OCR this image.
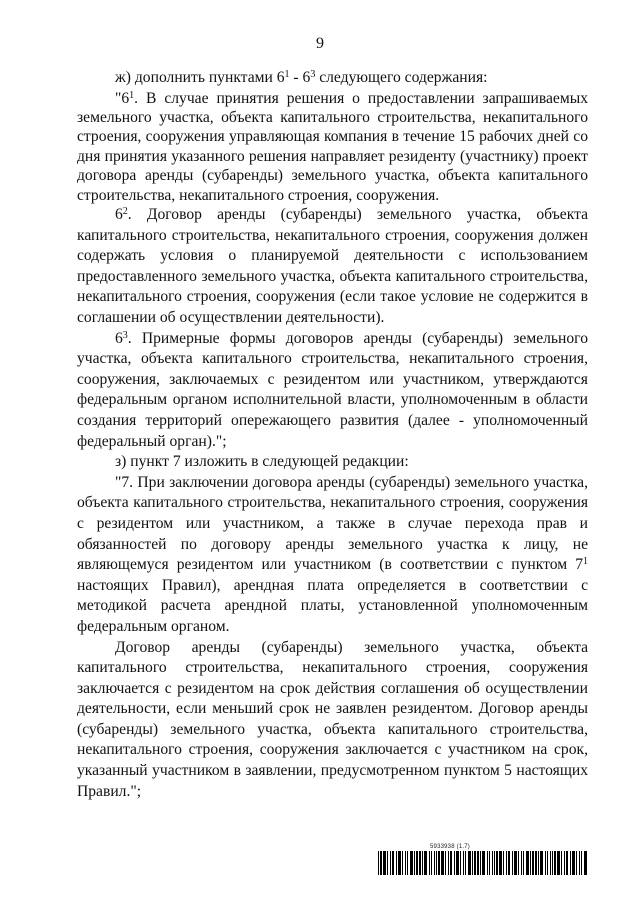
9

ж) дополнить пунктами $6^1 - 6^3$ следующего содержания:

"$6^1$. В случае принятия решения о предоставлении запрашиваемых земельного участка, объекта капитального строительства, некапитального строения, сооружения управляющая компания в течение 15 рабочих дней со дня принятия указанного решения направляет резиденту (участнику) проект договора аренды (субаренды) земельного участка, объекта капитального строительства, некапитального строения, сооружения.

$6^2$. Договор аренды (субаренды) земельного участка, объекта капитального строительства, некапитального строения, сооружения должен содержать условия о планируемой деятельности с использованием предоставленного земельного участка, объекта капитального строительства, некапитального строения, сооружения (если такое условие не содержится в соглашении об осуществлении деятельности).

$6^3$. Примерные формы договоров аренды (субаренды) земельного участка, объекта капитального строительства, некапитального строения, сооружения, заключаемых с резидентом или участником, утверждаются федеральным органом исполнительной власти, уполномоченным в области создания территорий опережающего развития (далее - уполномоченный федеральный орган).";

з) пункт 7 изложить в следующей редакции:

"7. При заключении договора аренды (субаренды) земельного участка, объекта капитального строительства, некапитального строения, сооружения с резидентом или участником, а также в случае перехода прав и обязанностей по договору аренды земельного участка к лицу, не являющемуся резидентом или участником (в соответствии с пунктом $7^1$ настоящих Правил), арендная плата определяется в соответствии с методикой расчета арендной платы, установленной уполномоченным федеральным органом.

Договор аренды (субаренды) земельного участка, объекта капитального строительства, некапитального строения, сооружения заключается с резидентом на срок действия соглашения об осуществлении деятельности, если меньший срок не заявлен резидентом. Договор аренды (субаренды) земельного участка, объекта капитального строительства, некапитального строения, сооружения заключается с участником на срок, указанный участником в заявлении, предусмотренном пунктом 5 настоящих Правил.";

5933938 (1.7)
